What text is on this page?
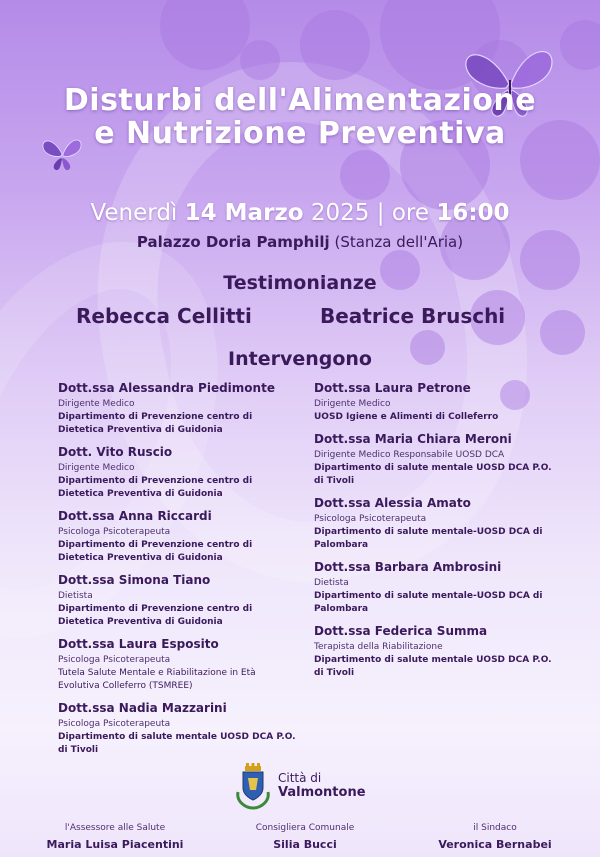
Disturbi dell'Alimentazione
e Nutrizione Preventiva
Venerdì 14 Marzo 2025 | ore 16:00
Palazzo Doria Pamphilj (Stanza dell'Aria)
Testimonianze
Rebecca Cellitti	Beatrice Bruschi
Intervengono
Dott.ssa Alessandra Piedimonte
Dirigente Medico
Dipartimento di Prevenzione centro di Dietetica Preventiva di Guidonia
Dott. Vito Ruscio
Dirigente Medico
Dipartimento di Prevenzione centro di Dietetica Preventiva di Guidonia
Dott.ssa Anna Riccardi
Psicologa Psicoterapeuta
Dipartimento di Prevenzione centro di Dietetica Preventiva di Guidonia
Dott.ssa Simona Tiano
Dietista
Dipartimento di Prevenzione centro di Dietetica Preventiva di Guidonia
Dott.ssa Laura Esposito
Psicologa Psicoterapeuta
Tutela Salute Mentale e Riabilitazione in Età Evolutiva Colleferro (TSMREE)
Dott.ssa Nadia Mazzarini
Psicologa Psicoterapeuta
Dipartimento di salute mentale UOSD DCA P.O. di Tivoli
Dott.ssa Laura Petrone
Dirigente Medico
UOSD Igiene e Alimenti di Colleferro
Dott.ssa Maria Chiara Meroni
Dirigente Medico Responsabile UOSD DCA
Dipartimento di salute mentale UOSD DCA P.O. di Tivoli
Dott.ssa Alessia Amato
Psicologa Psicoterapeuta
Dipartimento di salute mentale-UOSD DCA di Palombara
Dott.ssa Barbara Ambrosini
Dietista
Dipartimento di salute mentale-UOSD DCA di Palombara
Dott.ssa Federica Summa
Terapista della Riabilitazione
Dipartimento di salute mentale UOSD DCA P.O. di Tivoli
Città di
Valmontone
l'Assessore alle Salute
Maria Luisa Piacentini
Consigliera Comunale
Silia Bucci
il Sindaco
Veronica Bernabei
